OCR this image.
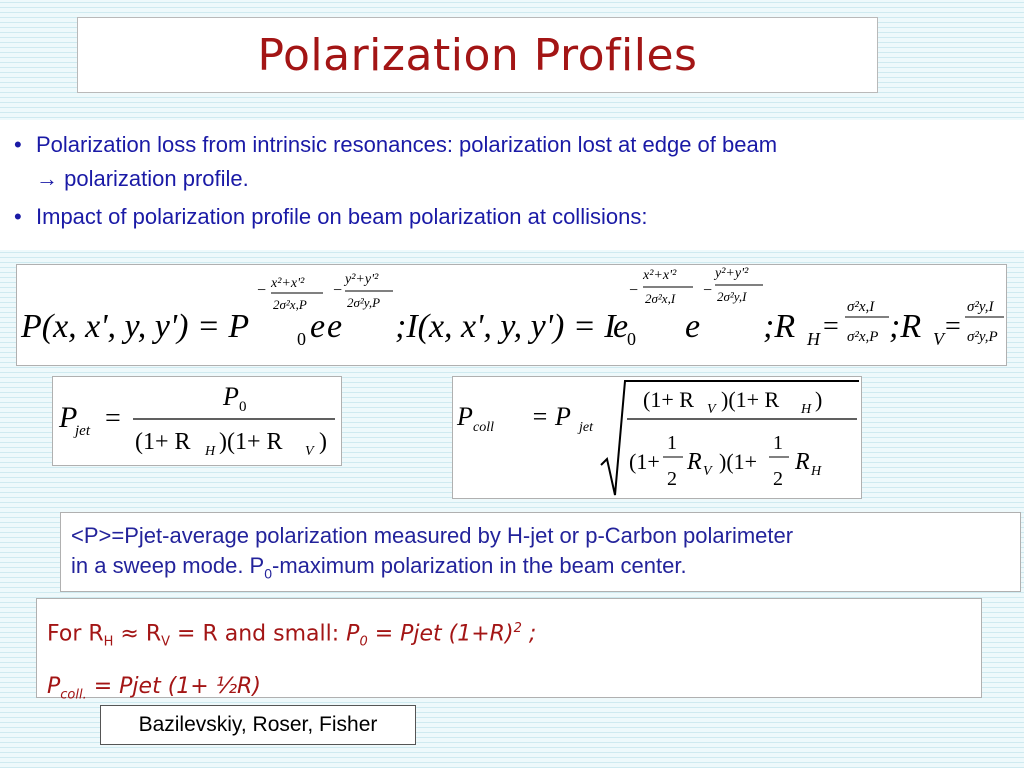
Polarization Profiles
• Polarization loss from intrinsic resonances: polarization lost at edge of beam
→ polarization profile.
• Impact of polarization profile on beam polarization at collisions:
P(x, x', y, y') = P	0 e
− x²+x'²
2σ²x,P
e
−
y²+y'²
2σ²y,P
;I(x, x', y, y') = I 0
e
−
x²+x'²
2σ²x,I
e
−
y²+y'²
2σ²y,I
;R H =
σ²x,I
σ²x,P ;R V =
σ²y,I
σ²y,P
P
jet =
P 0
(1+ R H )(1+ R V )
P coll = P jet
(1+ R V )(1+ R H )
(1+
1
2
R V )(1+
1
2
R H
<P>=Pjet-average polarization measured by H-jet or p-Carbon polarimeter
in a sweep mode. $P_0$-maximum polarization in the beam center.
For $R_H \approx R_V = R$ and small: $P_0$ = Pjet $(1+R)^2$ ;
$P_{coll.}$ = Pjet (1+ ½R)
Bazilevskiy, Roser, Fisher
